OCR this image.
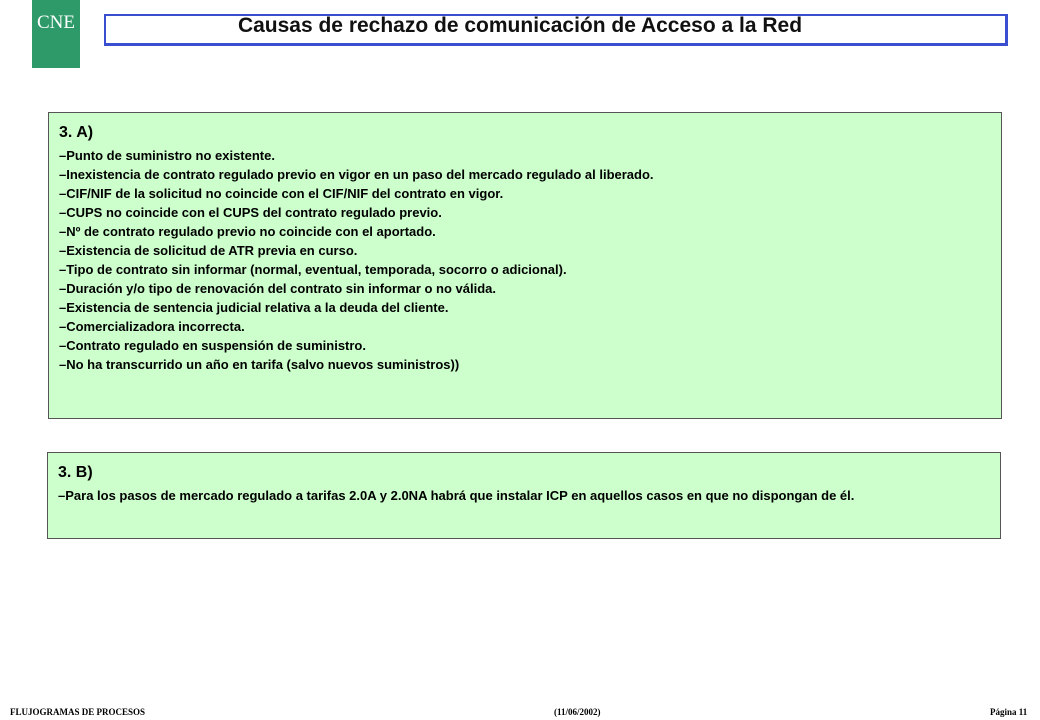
CNE	Causas de rechazo de comunicación de Acceso a la Red
3. A)
–Punto de suministro no existente.
–Inexistencia de contrato regulado previo en vigor en un paso del mercado regulado al liberado.
–CIF/NIF de la solicitud no coincide con el CIF/NIF del contrato en vigor.
–CUPS no coincide con el CUPS del contrato regulado previo.
–Nº de contrato regulado previo no coincide con el aportado.
–Existencia de solicitud de ATR previa en curso.
–Tipo de contrato sin informar (normal, eventual, temporada, socorro o adicional).
–Duración y/o tipo de renovación del contrato sin informar o no válida.
–Existencia de sentencia judicial relativa a la deuda del cliente.
–Comercializadora incorrecta.
–Contrato regulado en suspensión de suministro.
–No ha transcurrido un año en tarifa (salvo nuevos suministros))
3. B)
–Para los pasos de mercado regulado a tarifas 2.0A y 2.0NA habrá que instalar ICP en aquellos casos en que no dispongan de él.
FLUJOGRAMAS DE PROCESOS	(11/06/2002)	Página 11
